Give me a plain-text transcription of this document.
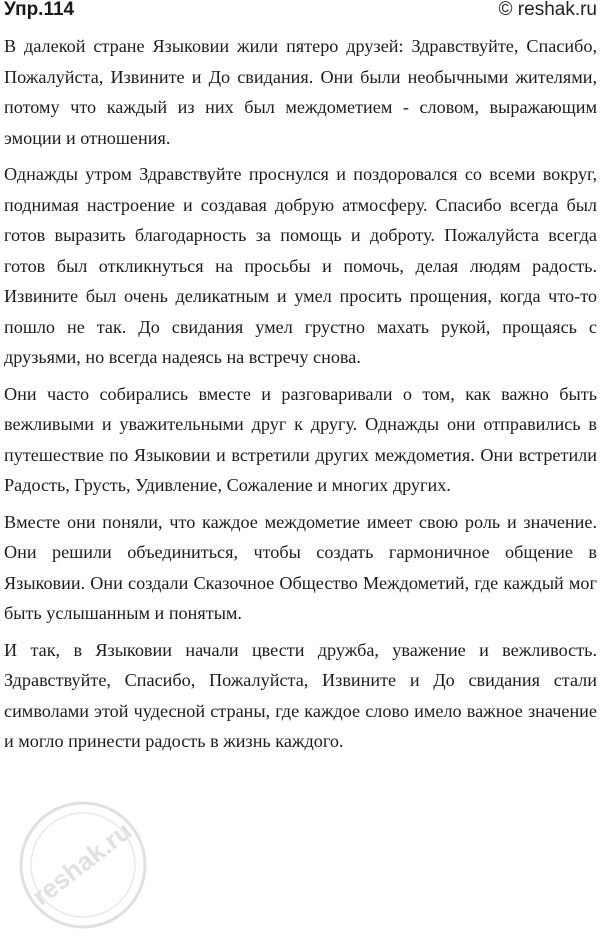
Упр.114	© reshak.ru

В далекой стране Языковии жили пятеро друзей: Здравствуйте, Спасибо, Пожалуйста, Извините и До свидания. Они были необычными жителями, потому что каждый из них был междометием - словом, выражающим эмоции и отношения.

Однажды утром Здравствуйте проснулся и поздоровался со всеми вокруг, поднимая настроение и создавая добрую атмосферу. Спасибо всегда был готов выразить благодарность за помощь и доброту. Пожалуйста всегда готов был откликнуться на просьбы и помочь, делая людям радость. Извините был очень деликатным и умел просить прощения, когда что-то пошло не так. До свидания умел грустно махать рукой, прощаясь с друзьями, но всегда надеясь на встречу снова.

Они часто собирались вместе и разговаривали о том, как важно быть вежливыми и уважительными друг к другу. Однажды они отправились в путешествие по Языковии и встретили других междометия. Они встретили Радость, Грусть, Удивление, Сожаление и многих других.

Вместе они поняли, что каждое междометие имеет свою роль и значение. Они решили объединиться, чтобы создать гармоничное общение в Языковии. Они создали Сказочное Общество Междометий, где каждый мог быть услышанным и понятым.

И так, в Языковии начали цвести дружба, уважение и вежливость. Здравствуйте, Спасибо, Пожалуйста, Извините и До свидания стали символами этой чудесной страны, где каждое слово имело важное значение и могло принести радость в жизнь каждого.

reshak.ru
